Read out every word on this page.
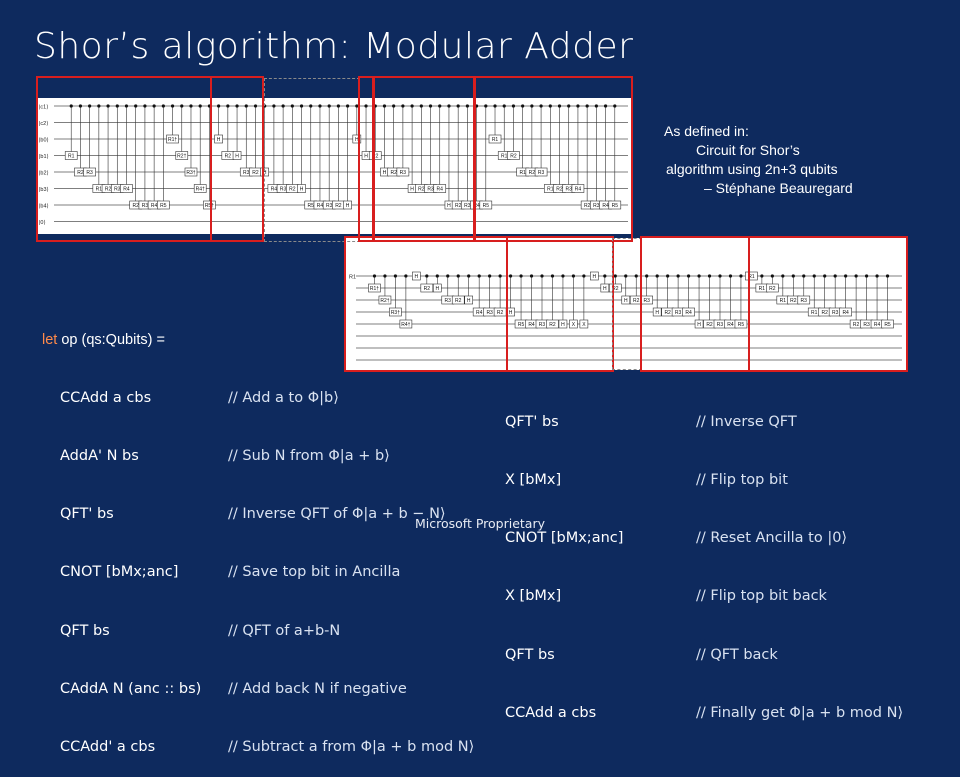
Shor’s algorithm: Modular Adder
|c1⟩
|c2⟩
|b0⟩
|b1⟩
|b2⟩
|b3⟩
|b4⟩
|0⟩
R1
R2 R3
R1 R2 R3 R4
R2 R3 R4 R5
R1†
R2†
R3†
R4†
R5†
H
R2 H
R3 R2 H
R4 R3 R2 H
R5 R4 R3 R2 H
H
H R2
H R2 R3
H R2 R3 R4
H R2 R3 R4 R5
R1
R1 R2
R1 R2 R3
R1 R2 R3 R4
R2 R3 R4 R5
R1
R1†
R2†
R3†
R4†
H
R2 H
R3 R2 H
R4 R3 R2 H
R5 R4 R3 R2 H X X
H
H R2
H R2 R3
H R2 R3 R4
H R2 R3 R4 R5
R1
R1 R2
R1 R2 R3
R1 R2 R3 R4
R2 R3 R4 R5
As defined in:
Circuit for Shor’s
algorithm using 2n+3 qubits
– Stéphane Beauregard
let op (qs:Qubits) =

CCAdd a cbs

AddA' N bs

QFT' bs

CNOT [bMx;anc]

QFT bs

CAddA N (anc :: bs)

CCAdd' a cbs

// Add a to Φ|b⟩

// Sub N from Φ|a + b⟩

// Inverse QFT of Φ|a + b − N⟩

// Save top bit in Ancilla

// QFT of a+b-N

// Add back N if negative

// Subtract a from Φ|a + b mod N⟩

QFT' bs

X [bMx]

CNOT [bMx;anc]

X [bMx]

QFT bs

CCAdd a cbs

// Inverse QFT

// Flip top bit

// Reset Ancilla to |0⟩

// Flip top bit back

// QFT back

// Finally get Φ|a + b mod N⟩

Microsoft Proprietary
